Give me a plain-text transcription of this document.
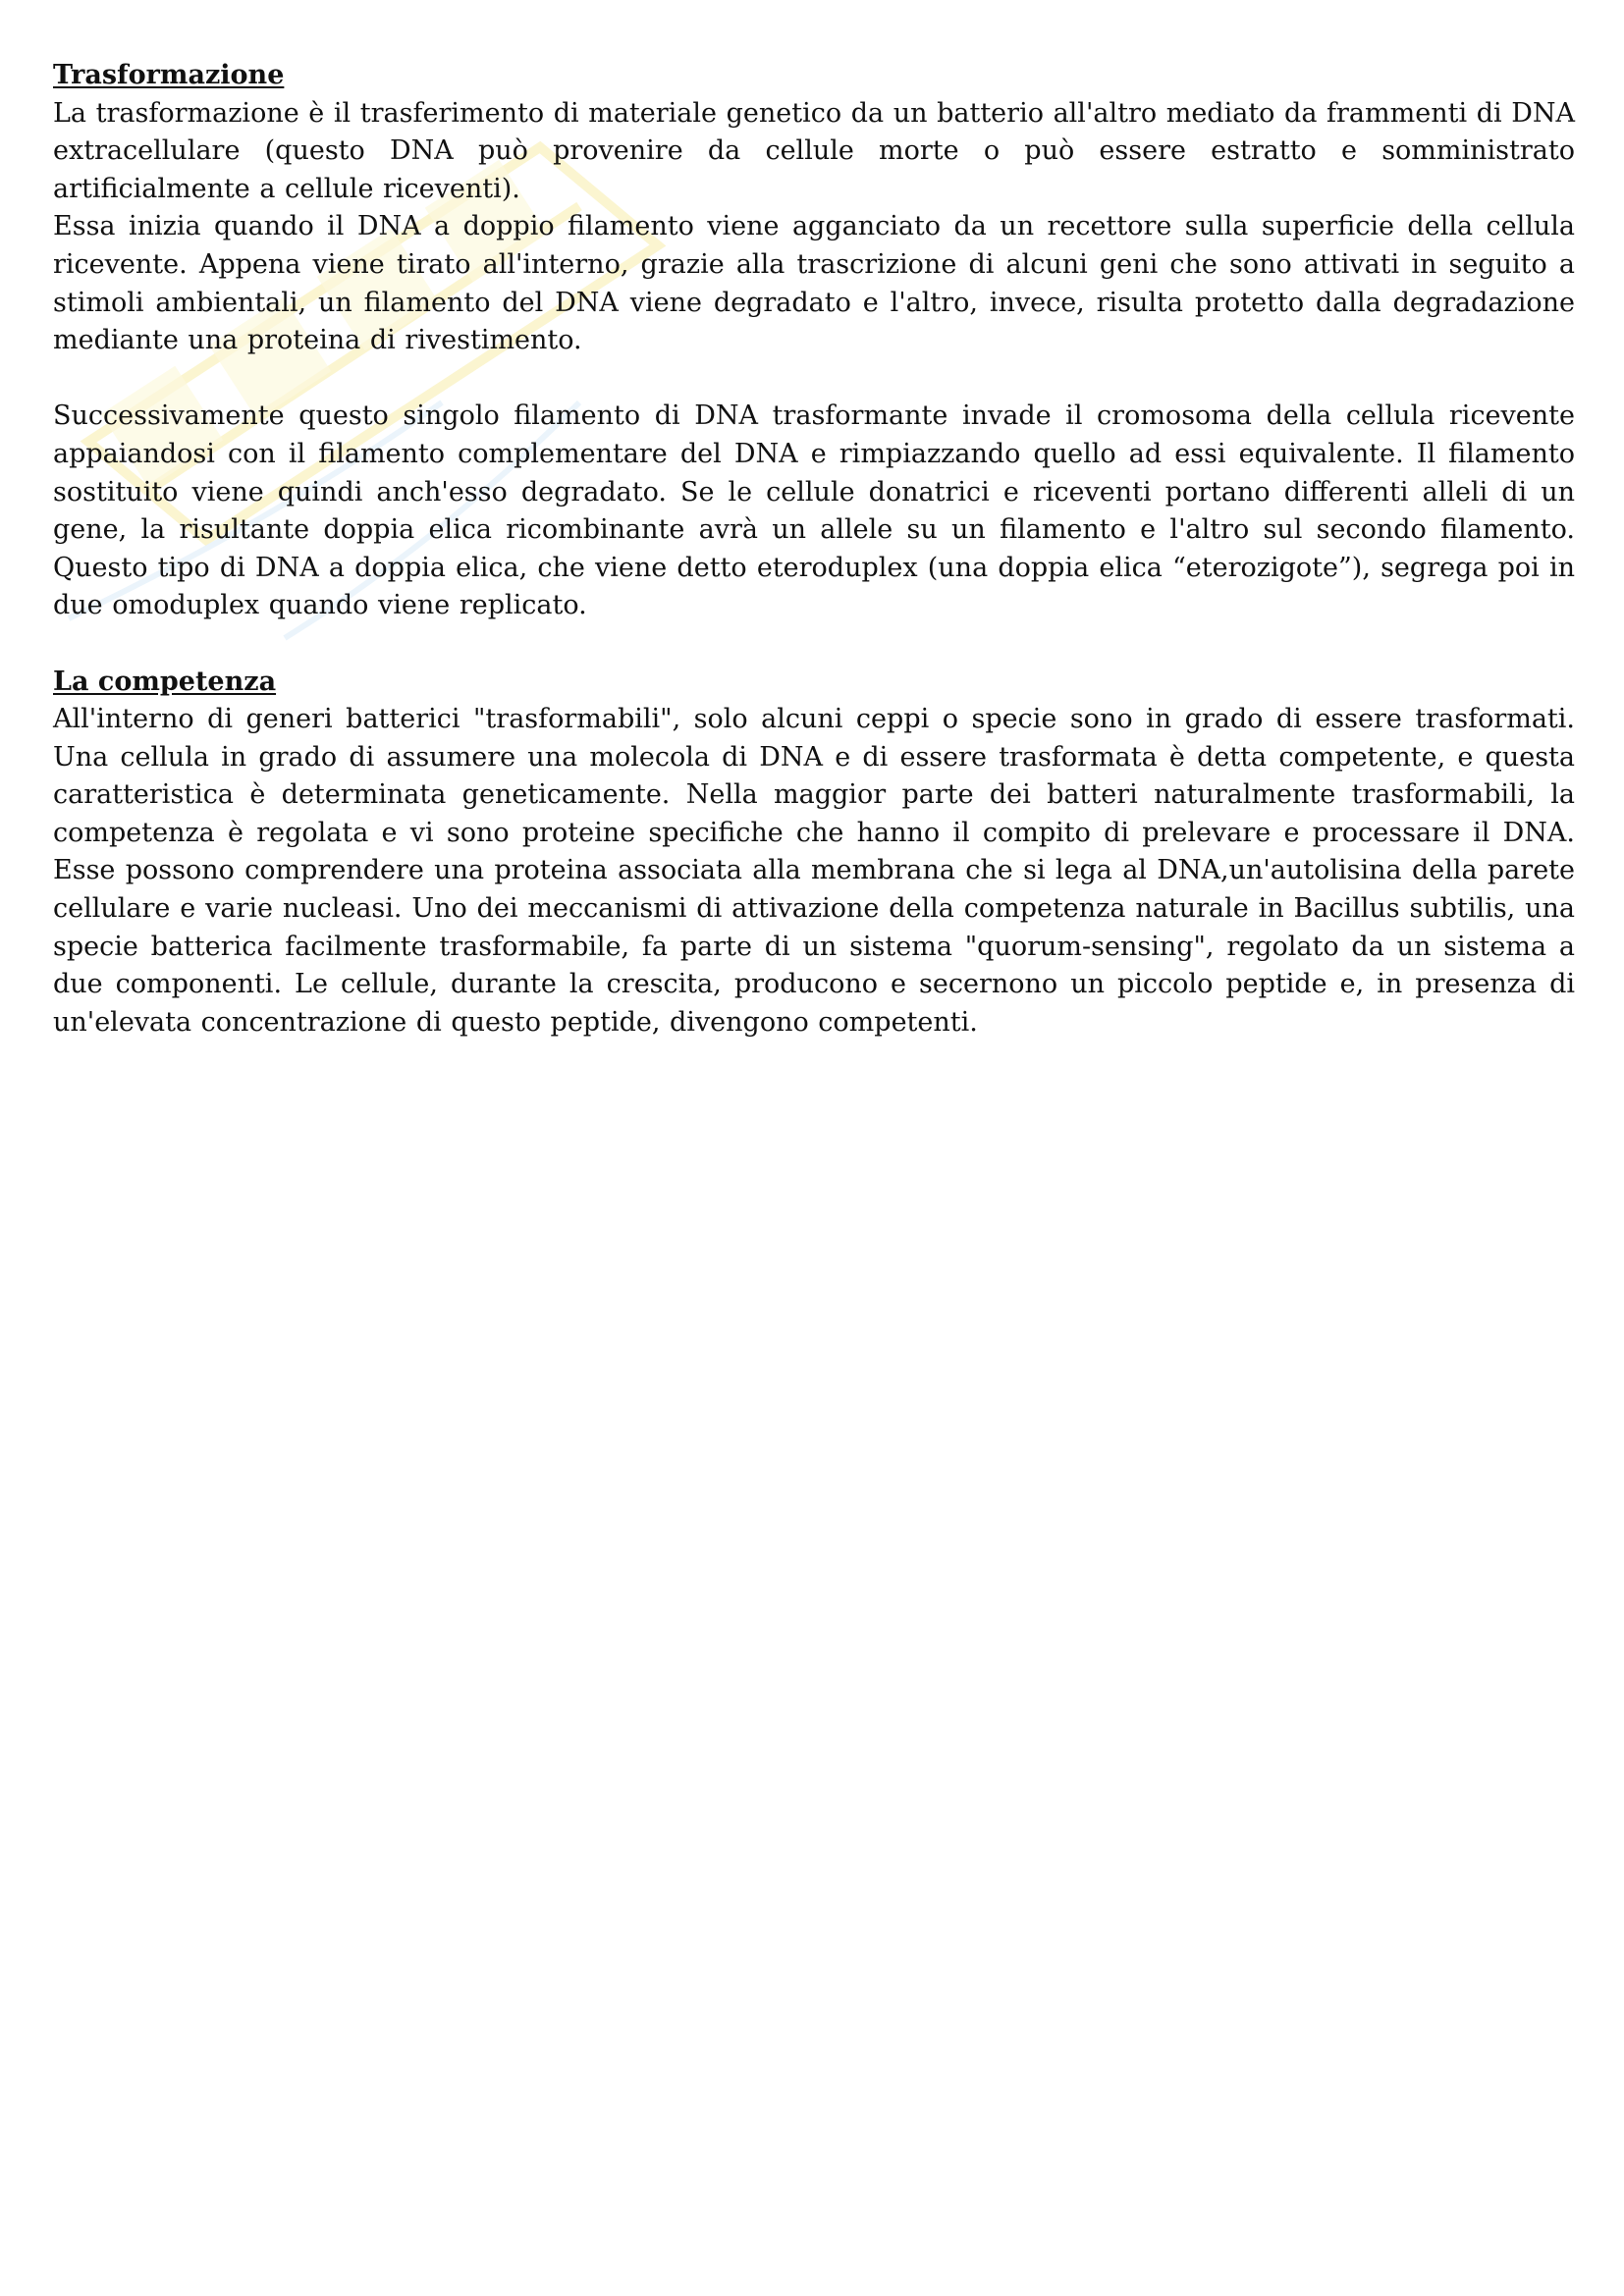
Trasformazione

La trasformazione è il trasferimento di materiale genetico da un batterio all'altro mediato da frammenti di DNA extracellulare (questo DNA può provenire da cellule morte o può essere estratto e somministrato artificialmente a cellule riceventi).

Essa inizia quando il DNA a doppio filamento viene agganciato da un recettore sulla superficie della cellula ricevente. Appena viene tirato all'interno, grazie alla trascrizione di alcuni geni che sono attivati in seguito a stimoli ambientali, un filamento del DNA viene degradato e l'altro, invece, risulta protetto dalla degradazione mediante una proteina di rivestimento.

Successivamente questo singolo filamento di DNA trasformante invade il cromosoma della cellula ricevente appaiandosi con il filamento complementare del DNA e rimpiazzando quello ad essi equivalente. Il filamento sostituito viene quindi anch'esso degradato. Se le cellule donatrici e riceventi portano differenti alleli di un gene, la risultante doppia elica ricombinante avrà un allele su un filamento e l'altro sul secondo filamento. Questo tipo di DNA a doppia elica, che viene detto eteroduplex (una doppia elica “eterozigote”), segrega poi in due omoduplex quando viene replicato.

La competenza

All'interno di generi batterici "trasformabili", solo alcuni ceppi o specie sono in grado di essere trasformati. Una cellula in grado di assumere una molecola di DNA e di essere trasformata è detta competente, e questa caratteristica è determinata geneticamente. Nella maggior parte dei batteri naturalmente trasformabili, la competenza è regolata e vi sono proteine specifiche che hanno il compito di prelevare e processare il DNA. Esse possono comprendere una proteina associata alla membrana che si lega al DNA,un'autolisina della parete cellulare e varie nucleasi. Uno dei meccanismi di attivazione della competenza naturale in Bacillus subtilis, una specie batterica facilmente trasformabile, fa parte di un sistema "quorum-sensing", regolato da un sistema a due componenti. Le cellule, durante la crescita, producono e secernono un piccolo peptide e, in presenza di un'elevata concentrazione di questo peptide, divengono competenti.
